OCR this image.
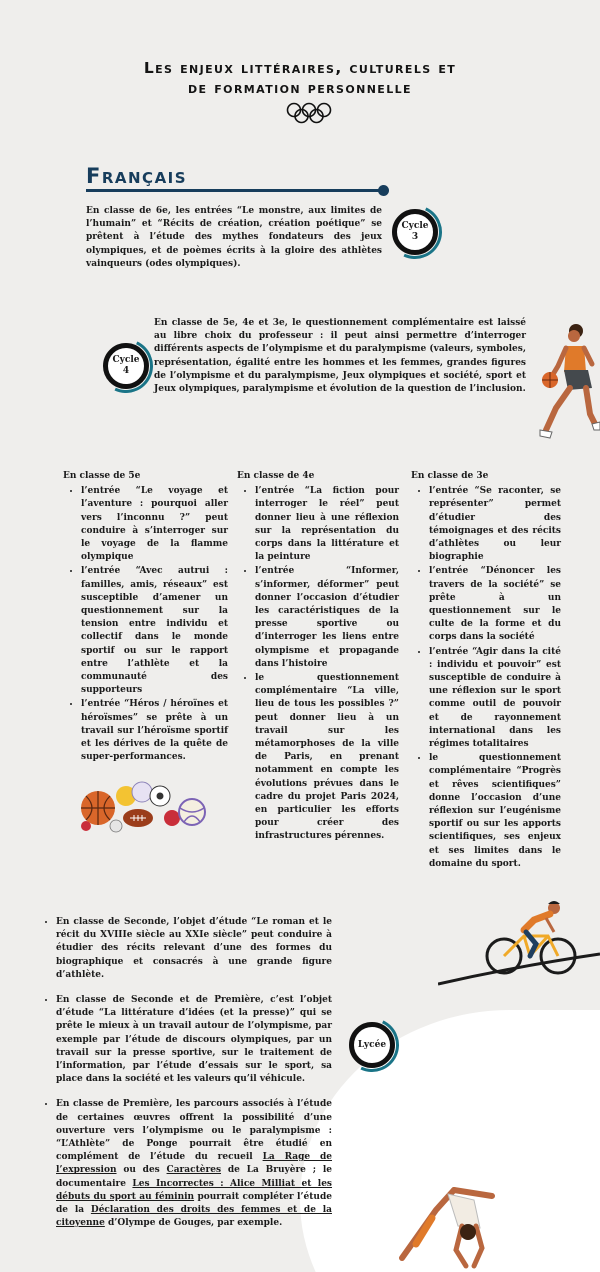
Les enjeux littéraires, culturels et
de formation personnelle
Français

En classe de 6e, les entrées “Le monstre, aux limites de l’humain” et “Récits de création, création poétique” se prêtent à l’étude des mythes fondateurs des jeux olympiques, et de poèmes écrits à la gloire des athlètes vainqueurs (odes olympiques).

Cycle
3
Cycle
4

En classe de 5e, 4e et 3e, le questionnement complémentaire est laissé au libre choix du professeur : il peut ainsi permettre d’interroger différents aspects de l’olympisme et du paralympisme (valeurs, symboles, représentation, égalité entre les hommes et les femmes, grandes figures de l’olympisme et du paralympisme, Jeux olympiques et société, sport et Jeux olympiques, paralympisme et évolution de la question de l’inclusion.

En classe de 5e
• l’entrée “Le voyage et l’aventure : pourquoi aller vers l’inconnu ?” peut conduire à s’interroger sur le voyage de la flamme olympique
• l’entrée “Avec autrui : familles, amis, réseaux” est susceptible d’amener un questionnement sur la tension entre individu et collectif dans le monde sportif ou sur le rapport entre l’athlète et la communauté des supporteurs
• l’entrée “Héros / héroïnes et héroïsmes” se prête à un travail sur l’héroïsme sportif et les dérives de la quête de super-performances.
En classe de 4e
• l’entrée “La fiction pour interroger le réel” peut donner lieu à une réflexion sur la représentation du corps dans la littérature et la peinture
• l’entrée “Informer, s’informer, déformer” peut donner l’occasion d’étudier les caractéristiques de la presse sportive ou d’interroger les liens entre olympisme et propagande dans l’histoire
• le questionnement complémentaire “La ville, lieu de tous les possibles ?” peut donner lieu à un travail sur les métamorphoses de la ville de Paris, en prenant notamment en compte les évolutions prévues dans le cadre du projet Paris 2024, en particulier les efforts pour créer des infrastructures pérennes.
En classe de 3e
• l’entrée “Se raconter, se représenter” permet d’étudier des témoignages et des récits d’athlètes ou leur biographie
• l’entrée “Dénoncer les travers de la société” se prête à un questionnement sur le culte de la forme et du corps dans la société
• l’entrée “Agir dans la cité : individu et pouvoir” est susceptible de conduire à une réflexion sur le sport comme outil de pouvoir et de rayonnement international dans les régimes totalitaires
• le questionnement complémentaire “Progrès et rêves scientifiques” donne l’occasion d’une réflexion sur l’eugénisme sportif ou sur les apports scientifiques, ses enjeux et ses limites dans le domaine du sport.
Lycée
• En classe de Seconde, l’objet d’étude “Le roman et le récit du XVIIIe siècle au XXIe siècle” peut conduire à étudier des récits relevant d’une des formes du biographique et consacrés à une grande figure d’athlète.
• En classe de Seconde et de Première, c’est l’objet d’étude “La littérature d’idées (et la presse)” qui se prête le mieux à un travail autour de l’olympisme, par exemple par l’étude de discours olympiques, par un travail sur la presse sportive, sur le traitement de l’information, par l’étude d’essais sur le sport, sa place dans la société et les valeurs qu’il véhicule.
• En classe de Première, les parcours associés à l’étude de certaines œuvres offrent la possibilité d’une ouverture vers l’olympisme ou le paralympisme : “L’Athlète” de Ponge pourrait être étudié en complément de l’étude du recueil La Rage de l’expression ou des Caractères de La Bruyère ; le documentaire Les Incorrectes : Alice Milliat et les débuts du sport au féminin pourrait compléter l’étude de la Déclaration des droits des femmes et de la citoyenne d’Olympe de Gouges, par exemple.
